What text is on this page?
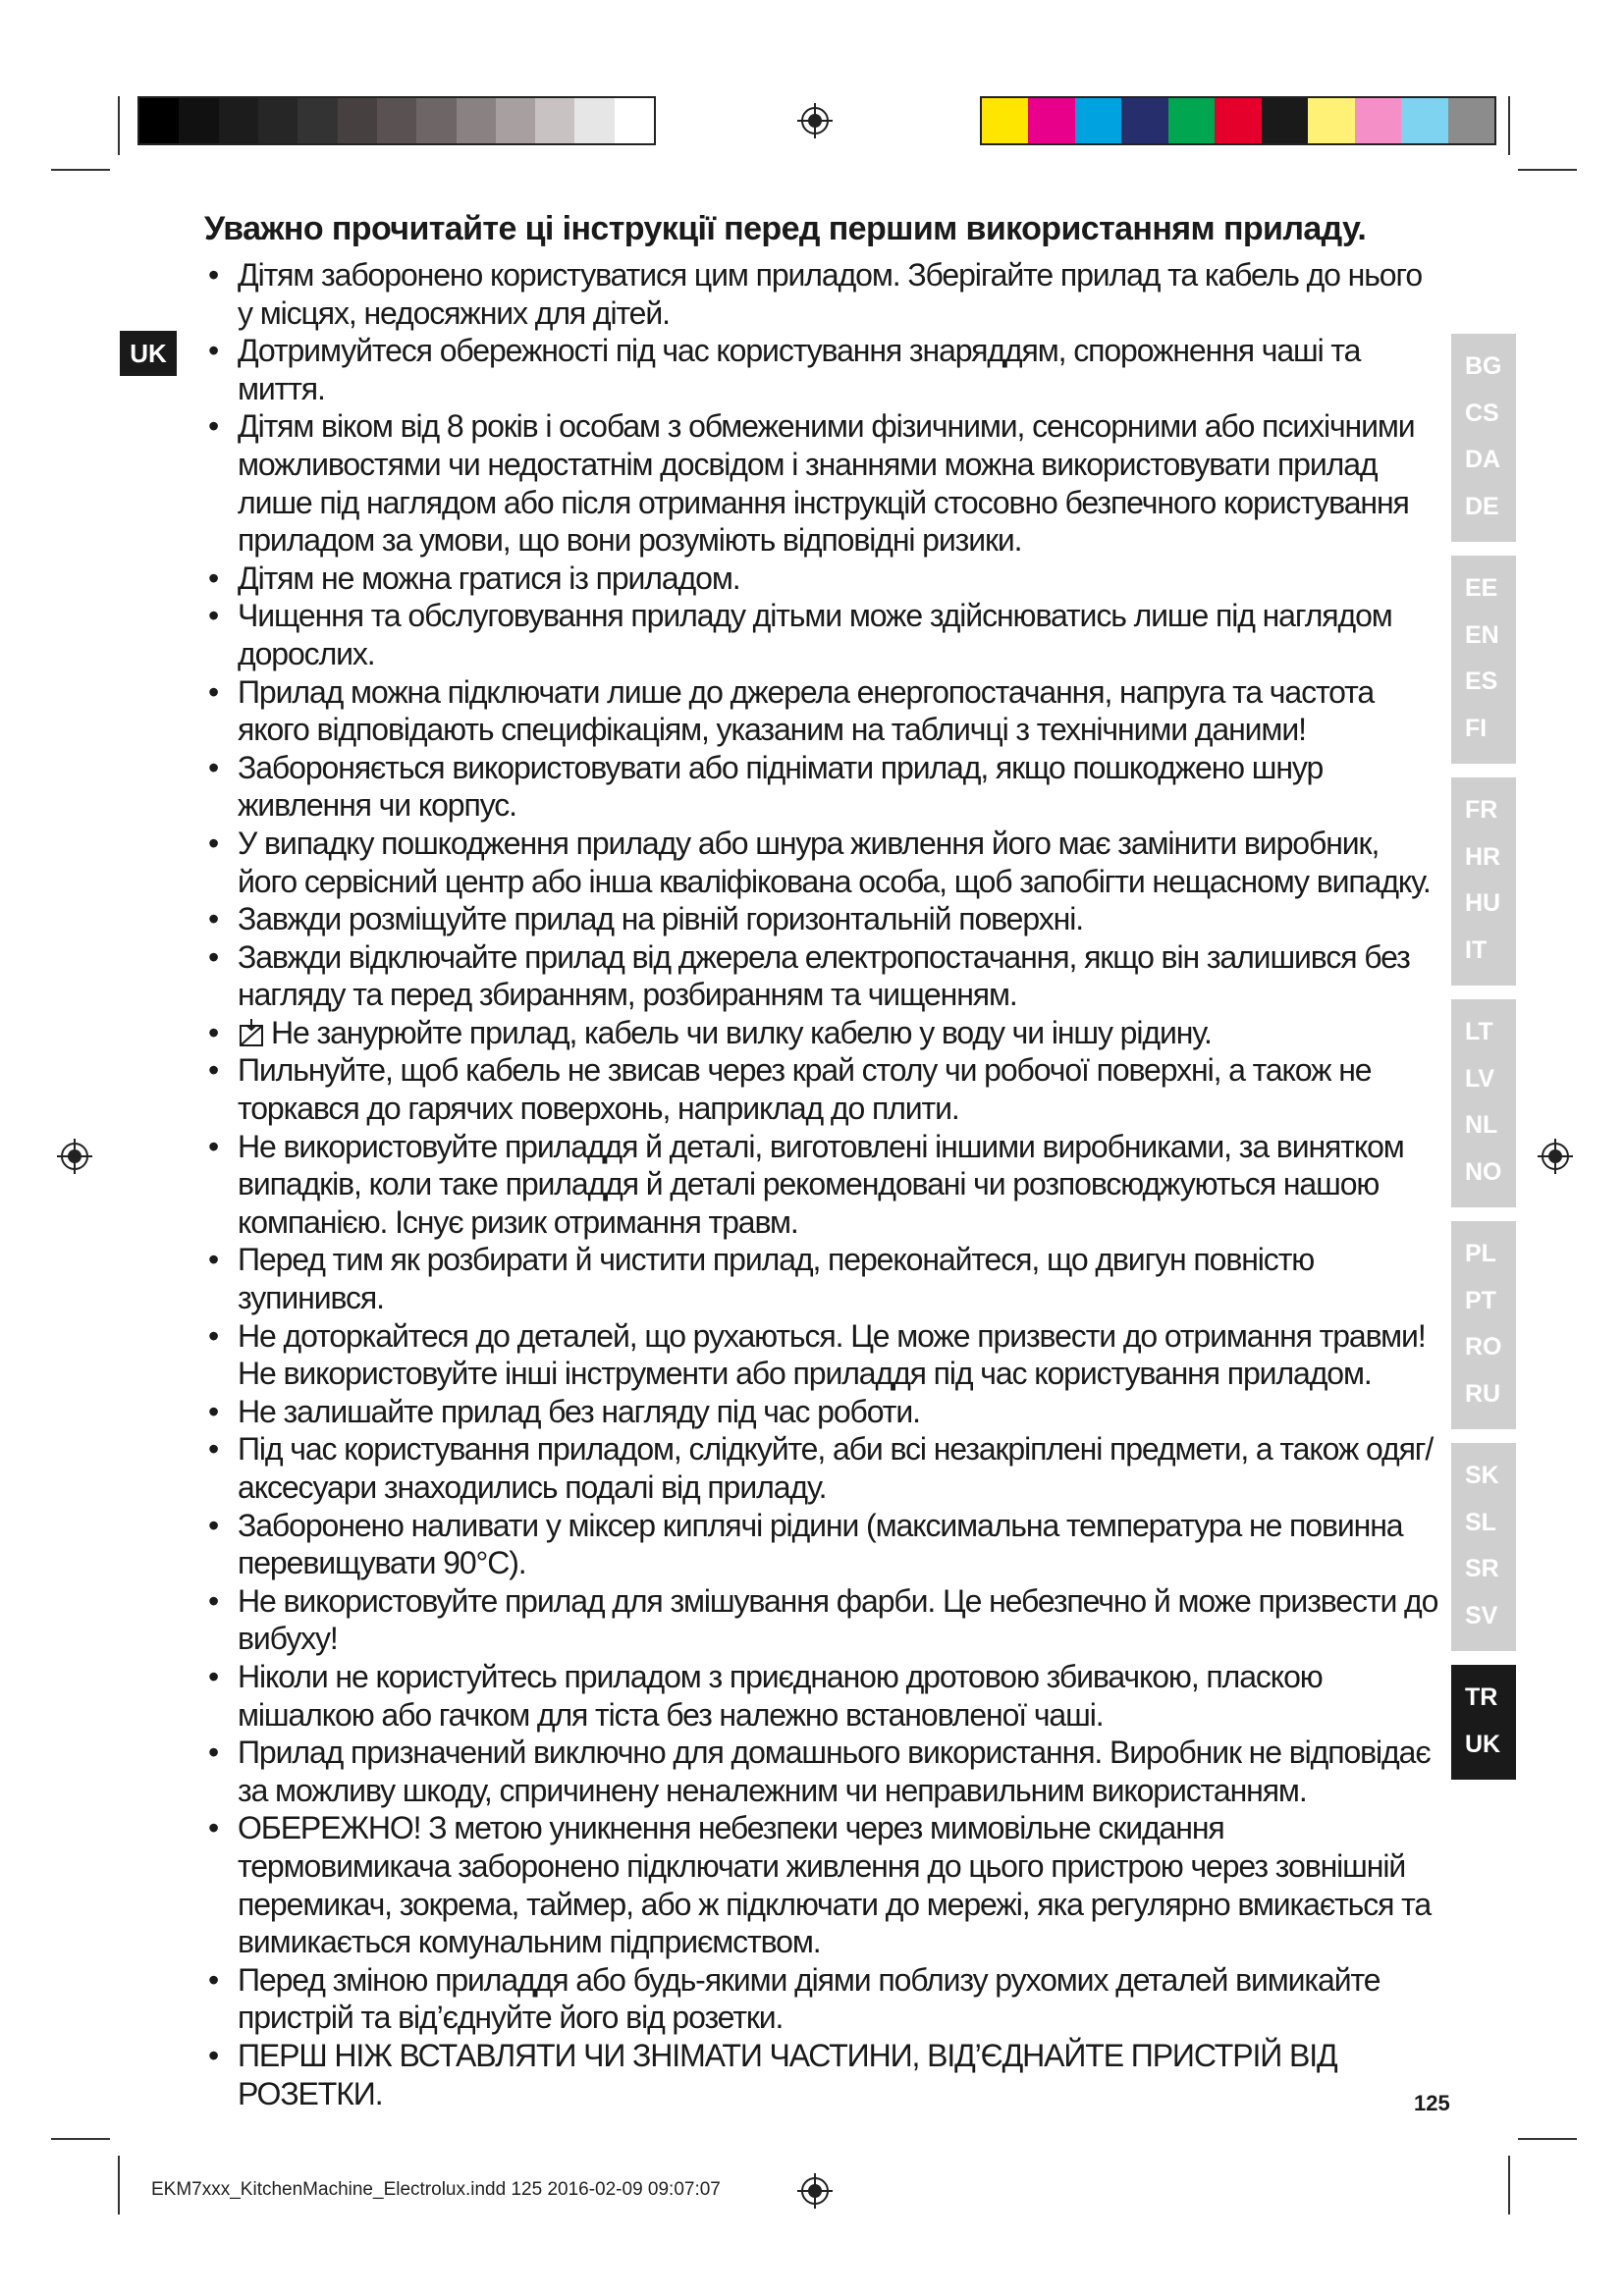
UK
Уважно прочитайте ці інструкції перед першим використанням приладу.
• Дітям заборонено користуватися цим приладом. Зберігайте прилад та кабель до нього у місцях, недосяжних для дітей.
• Дотримуйтеся обережності під час користування знаряддям, спорожнення чаші та миття.
• Дітям віком від 8 років і особам з обмеженими фізичними, сенсорними або психічними можливостями чи недостатнім досвідом і знаннями можна використовувати прилад лише під наглядом або після отримання інструкцій стосовно безпечного користування приладом за умови, що вони розуміють відповідні ризики.
• Дітям не можна гратися із приладом.
• Чищення та обслуговування приладу дітьми може здійснюватись лише під наглядом дорослих.
• Прилад можна підключати лише до джерела енергопостачання, напруга та частота якого відповідають специфікаціям, указаним на табличці з технічними даними!
• Забороняється використовувати або піднімати прилад, якщо пошкоджено шнур живлення чи корпус.
• У випадку пошкодження приладу або шнура живлення його має замінити виробник, його сервісний центр або інша кваліфікована особа, щоб запобігти нещасному випадку.
• Завжди розміщуйте прилад на рівній горизонтальній поверхні.
• Завжди відключайте прилад від джерела електропостачання, якщо він залишився без нагляду та перед збиранням, розбиранням та чищенням.
• Не занурюйте прилад, кабель чи вилку кабелю у воду чи іншу рідину.
• Пильнуйте, щоб кабель не звисав через край столу чи робочої поверхні, а також не торкався до гарячих поверхонь, наприклад до плити.
• Не використовуйте приладдя й деталі, виготовлені іншими виробниками, за винятком випадків, коли таке приладдя й деталі рекомендовані чи розповсюджуються нашою компанією. Існує ризик отримання травм.
• Перед тим як розбирати й чистити прилад, переконайтеся, що двигун повністю зупинився.
• Не доторкайтеся до деталей, що рухаються. Це може призвести до отримання травми! Не використовуйте інші інструменти або приладдя під час користування приладом.
• Не залишайте прилад без нагляду під час роботи.
• Під час користування приладом, слідкуйте, аби всі незакріплені предмети, а також одяг/аксесуари знаходились подалі від приладу.
• Заборонено наливати у міксер киплячі рідини (максимальна температура не повинна перевищувати 90°C).
• Не використовуйте прилад для змішування фарби. Це небезпечно й може призвести до вибуху!
• Ніколи не користуйтесь приладом з приєднаною дротовою збивачкою, пласкою мішалкою або гачком для тіста без належно встановленої чаші.
• Прилад призначений виключно для домашнього використання. Виробник не відповідає за можливу шкоду, спричинену неналежним чи неправильним використанням.
• ОБЕРЕЖНО! З метою уникнення небезпеки через мимовільне скидання термовимикача заборонено підключати живлення до цього пристрою через зовнішній перемикач, зокрема, таймер, або ж підключати до мережі, яка регулярно вмикається та вимикається комунальним підприємством.
• Перед зміною приладдя або будь-якими діями поблизу рухомих деталей вимикайте пристрій та від’єднуйте його від розетки.
• ПЕРШ НІЖ ВСТАВЛЯТИ ЧИ ЗНІМАТИ ЧАСТИНИ, ВІД’ЄДНАЙТЕ ПРИСТРІЙ ВІД РОЗЕТКИ.
BG
CS
DA
DE
EE
EN
ES
FI
FR
HR
HU
IT
LT
LV
NL
NO
PL
PT
RO
RU
SK
SL
SR
SV
TR
UK
125
EKM7xxx_KitchenMachine_Electrolux.indd 125 2016-02-09 09:07:07
